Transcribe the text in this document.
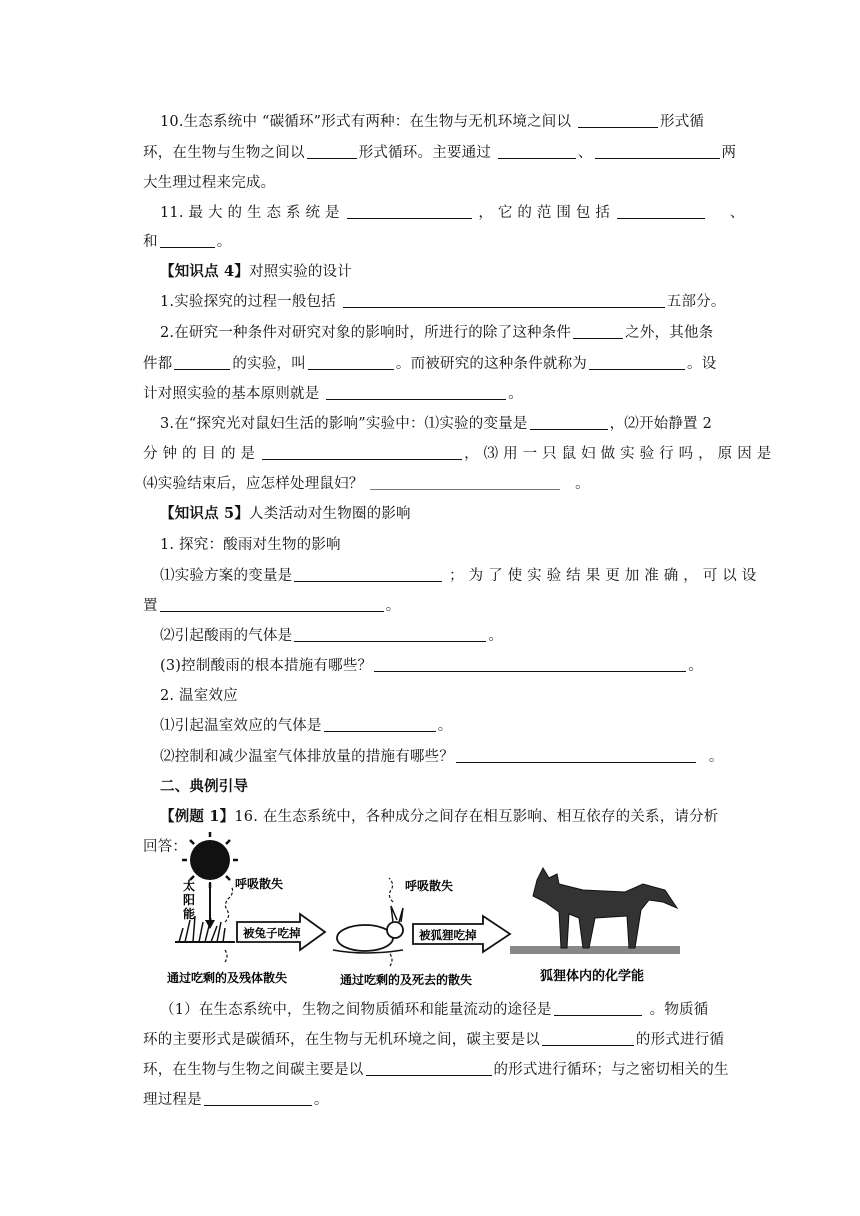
10.生态系统中 “碳循环”形式有两种：在生物与无机环境之间以	形式循
环，在生物与生物之间以	形式循环。主要通过	、	两
大生理过程来完成。
11. 最 大 的 生 态 系 统 是	， 它 的 范 围 包 括	、
和	。
【知识点 4】对照实验的设计
1.实验探究的过程一般包括	五部分。
2.在研究一种条件对研究对象的影响时，所进行的除了这种条件	之外，其他条
件都	的实验，叫	。而被研究的这种条件就称为	。设
计对照实验的基本原则就是	。
3.在“探究光对鼠妇生活的影响”实验中：⑴实验的变量是	，⑵开始静置 2
分 钟 的 目 的 是	， ⑶ 用 一 只 鼠 妇 做 实 验 行 吗 ， 原 因 是
⑷实验结束后，应怎样处理鼠妇？	。
【知识点 5】人类活动对生物圈的影响
1. 探究：酸雨对生物的影响
⑴实验方案的变量是	； 为 了 使 实 验 结 果 更 加 准 确 ， 可 以 设
置	。
⑵引起酸雨的气体是	。
(3)控制酸雨的根本措施有哪些？	。
2. 温室效应
⑴引起温室效应的气体是	。
⑵控制和减少温室气体排放量的措施有哪些？	。
二、典例引导
【例题 1】16. 在生态系统中，各种成分之间存在相互影响、相互依存的关系，请分析
回答：
太
阳
能
呼吸散失
被兔子吃掉
呼吸散失
被狐狸吃掉
通过吃剩的及残体散失	通过吃剩的及死去的散失	狐狸体内的化学能
（1）在生态系统中，生物之间物质循环和能量流动的途径是	。物质循
环的主要形式是碳循环，在生物与无机环境之间，碳主要是以	的形式进行循
环，在生物与生物之间碳主要是以	的形式进行循环；与之密切相关的生
理过程是	。
